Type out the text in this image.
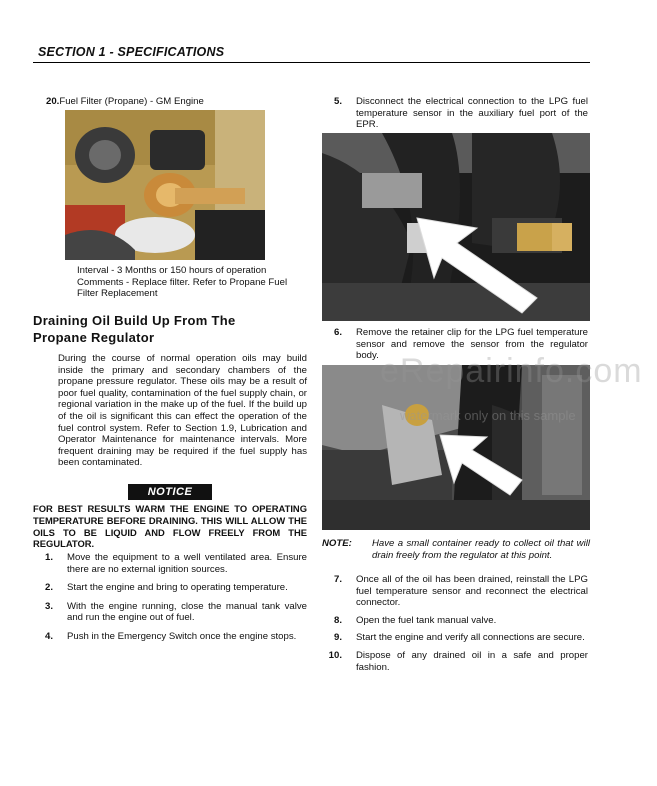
SECTION 1 - SPECIFICATIONS
20.Fuel Filter (Propane) - GM Engine
Interval - 3 Months or 150 hours of operation
Comments - Replace filter. Refer to Propane Fuel
Filter Replacement
Draining Oil Build Up From The Propane Regulator
During the course of normal operation oils may build inside the primary and secondary chambers of the propane pressure regulator. These oils may be a result of poor fuel quality, contamination of the fuel supply chain, or regional variation in the make up of the fuel. If the build up of the oil is significant this can effect the operation of the fuel control system. Refer to Section 1.9, Lubrication and Operator Maintenance for maintenance intervals. More frequent draining may be required if the fuel supply has been contaminated.
NOTICE
FOR BEST RESULTS WARM THE ENGINE TO OPERATING TEMPERATURE BEFORE DRAINING. THIS WILL ALLOW THE OILS TO BE LIQUID AND FLOW FREELY FROM THE REGULATOR.
1. Move the equipment to a well ventilated area. Ensure there are no external ignition sources.
2. Start the engine and bring to operating temperature.
3. With the engine running, close the manual tank valve and run the engine out of fuel.
4. Push in the Emergency Switch once the engine stops.
5. Disconnect the electrical connection to the LPG fuel temperature sensor in the auxiliary fuel port of the EPR.
6. Remove the retainer clip for the LPG fuel temperature sensor and remove the sensor from the regulator body.
NOTE:	Have a small container ready to collect oil that will drain freely from the regulator at this point.
7. Once all of the oil has been drained, reinstall the LPG fuel temperature sensor and reconnect the electrical connector.
8. Open the fuel tank manual valve.
9. Start the engine and verify all connections are secure.
10. Dispose of any drained oil in a safe and proper fashion.
eRepairinfo.com
watermark only on this sample
